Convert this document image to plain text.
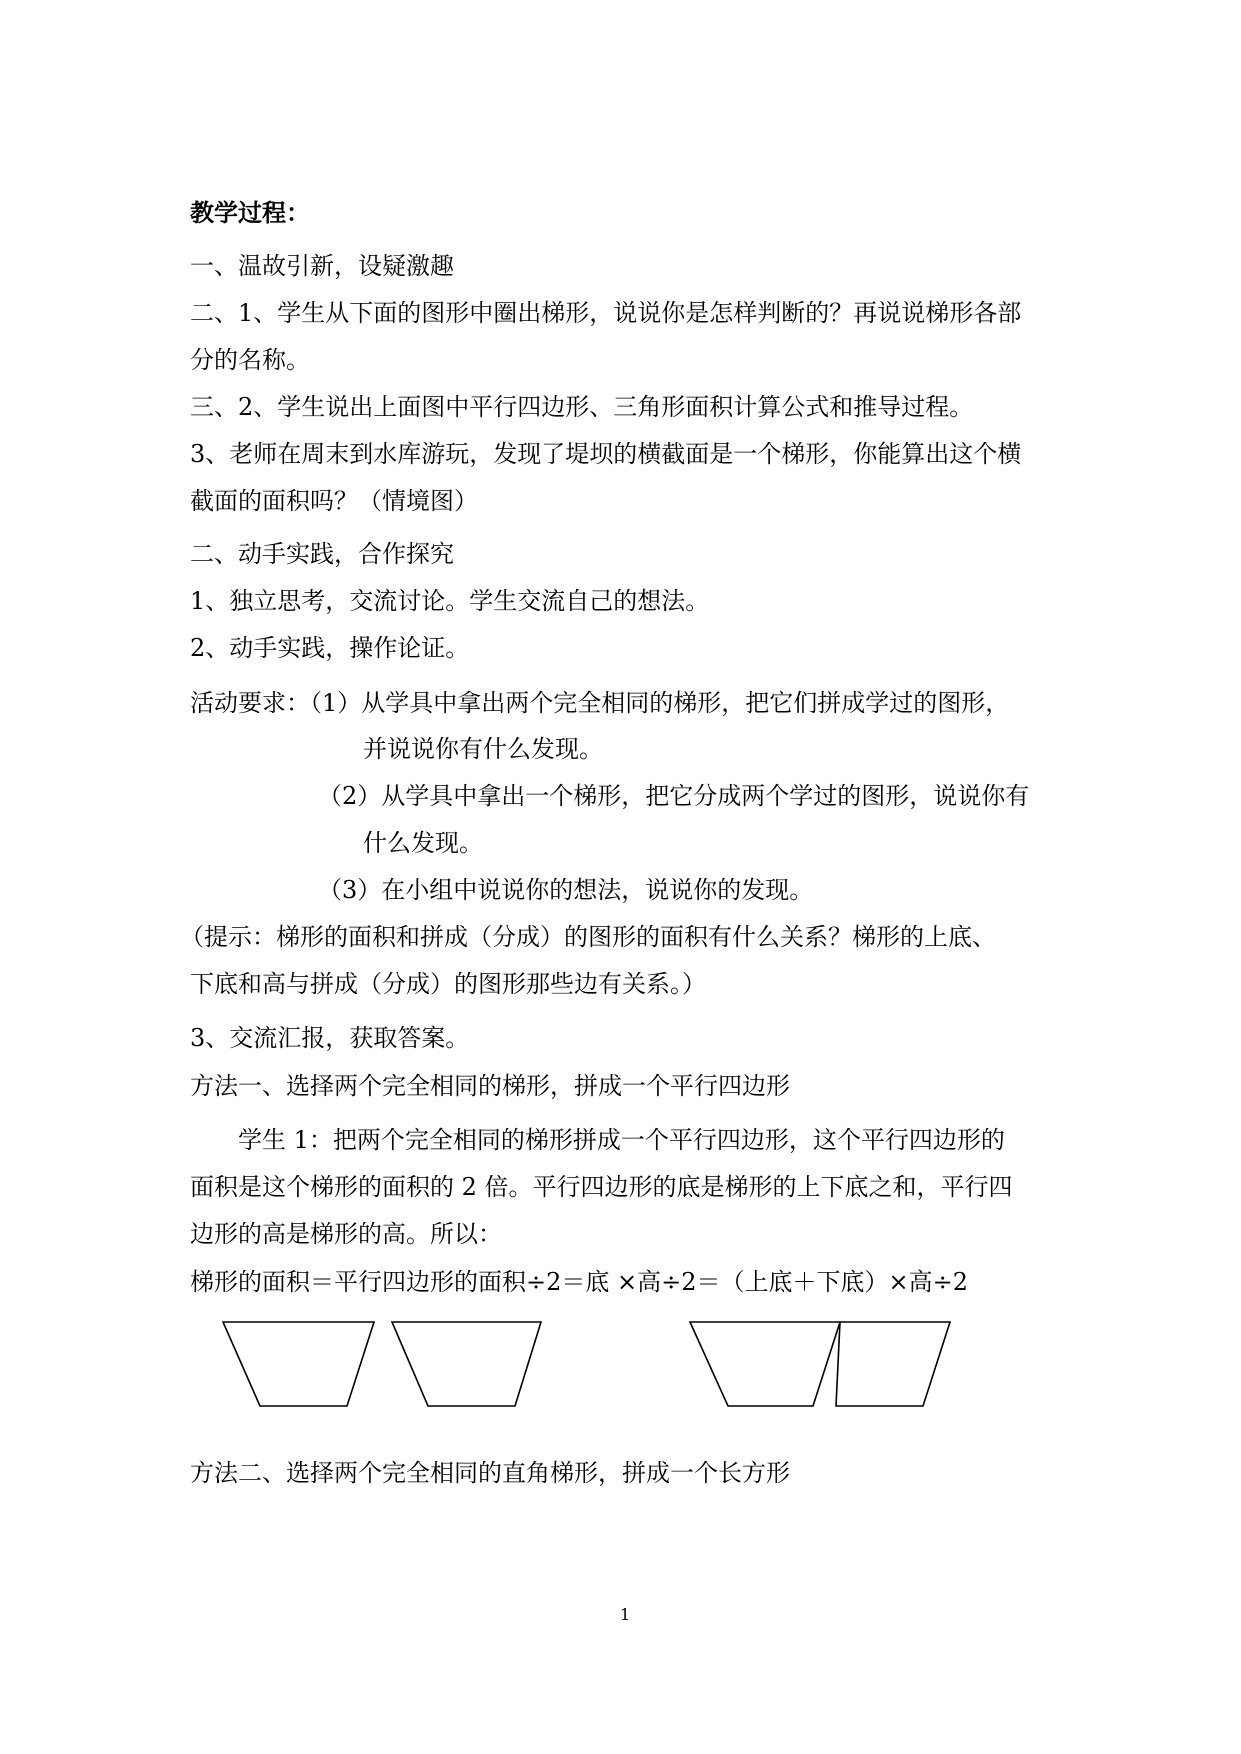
教学过程：
一、温故引新，设疑激趣
二、1、学生从下面的图形中圈出梯形，说说你是怎样判断的？再说说梯形各部
分的名称。
三、2、学生说出上面图中平行四边形、三角形面积计算公式和推导过程。
3、老师在周末到水库游玩，发现了堤坝的横截面是一个梯形，你能算出这个横
截面的面积吗？（情境图）
二、动手实践，合作探究
1、独立思考，交流讨论。学生交流自己的想法。
2、动手实践，操作论证。
活动要求：（1）从学具中拿出两个完全相同的梯形，把它们拼成学过的图形，
并说说你有什么发现。
（2）从学具中拿出一个梯形，把它分成两个学过的图形，说说你有
什么发现。
（3）在小组中说说你的想法，说说你的发现。
（提示：梯形的面积和拼成（分成）的图形的面积有什么关系？梯形的上底、
下底和高与拼成（分成）的图形那些边有关系。）
3、交流汇报，获取答案。
方法一、选择两个完全相同的梯形，拼成一个平行四边形
学生 1：把两个完全相同的梯形拼成一个平行四边形，这个平行四边形的
面积是这个梯形的面积的 2 倍。平行四边形的底是梯形的上下底之和，平行四
边形的高是梯形的高。所以：
梯形的面积＝平行四边形的面积÷2＝底 ×高÷2＝（上底＋下底）×高÷2
方法二、选择两个完全相同的直角梯形，拼成一个长方形
1
